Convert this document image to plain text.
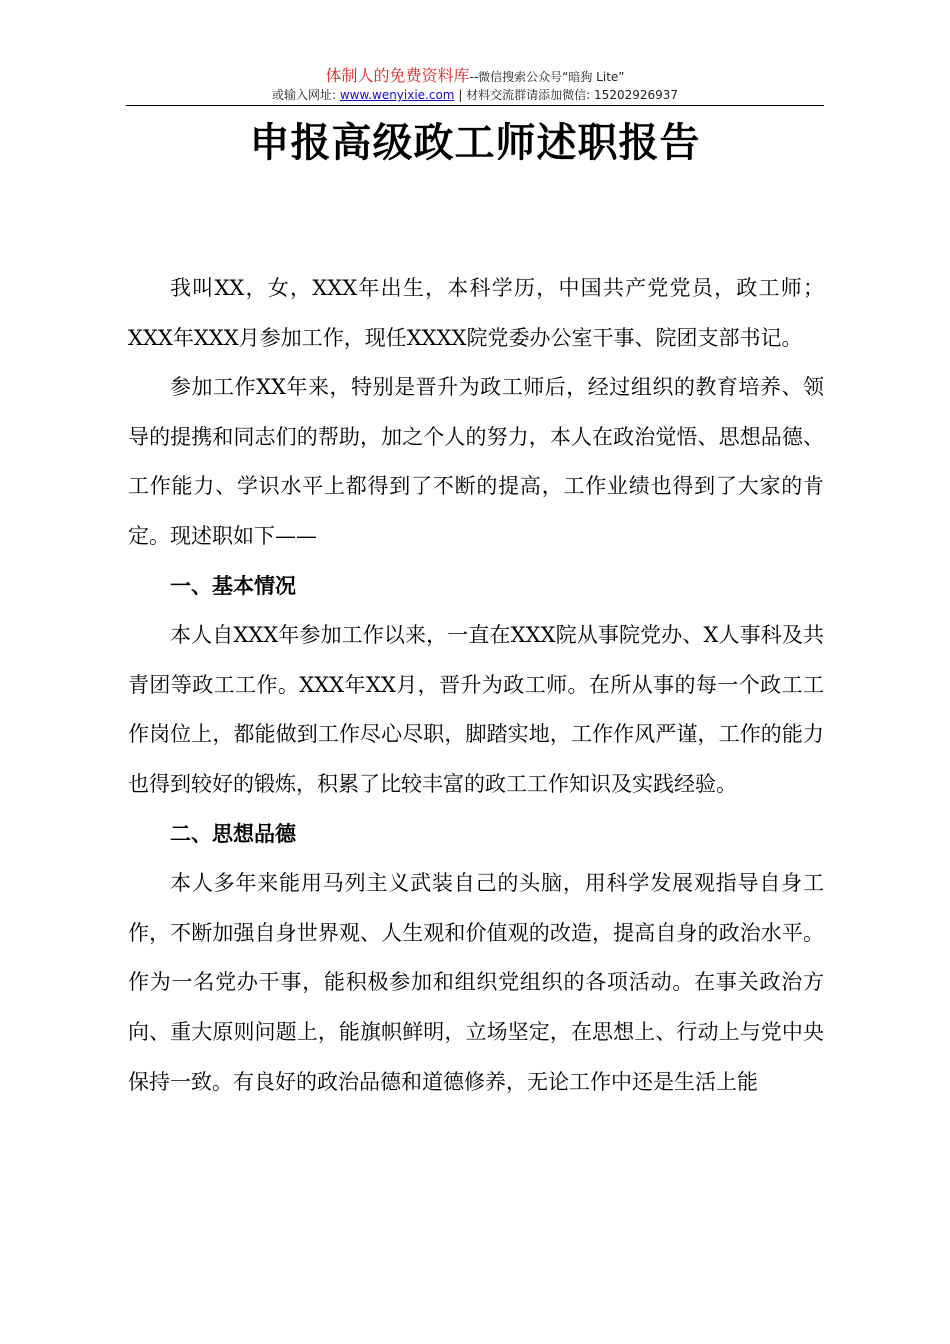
体制人的免费资料库--微信搜索公众号“暗狗 Lite”
或输入网址: www.wenyixie.com | 材料交流群请添加微信: 15202926937
申报高级政工师述职报告

我叫XX，女，XXX年出生，本科学历，中国共产党党员，政工师；XXX年XXX月参加工作，现任XXXX院党委办公室干事、院团支部书记。

参加工作XX年来，特别是晋升为政工师后，经过组织的教育培养、领导的提携和同志们的帮助，加之个人的努力，本人在政治觉悟、思想品德、工作能力、学识水平上都得到了不断的提高，工作业绩也得到了大家的肯定。现述职如下——

一、基本情况

本人自XXX年参加工作以来，一直在XXX院从事院党办、X人事科及共青团等政工工作。XXX年XX月，晋升为政工师。在所从事的每一个政工工作岗位上，都能做到工作尽心尽职，脚踏实地，工作作风严谨，工作的能力也得到较好的锻炼，积累了比较丰富的政工工作知识及实践经验。

二、思想品德

本人多年来能用马列主义武装自己的头脑，用科学发展观指导自身工作，不断加强自身世界观、人生观和价值观的改造，提高自身的政治水平。作为一名党办干事，能积极参加和组织党组织的各项活动。在事关政治方向、重大原则问题上，能旗帜鲜明，立场坚定，在思想上、行动上与党中央保持一致。有良好的政治品德和道德修养，无论工作中还是生活上能
